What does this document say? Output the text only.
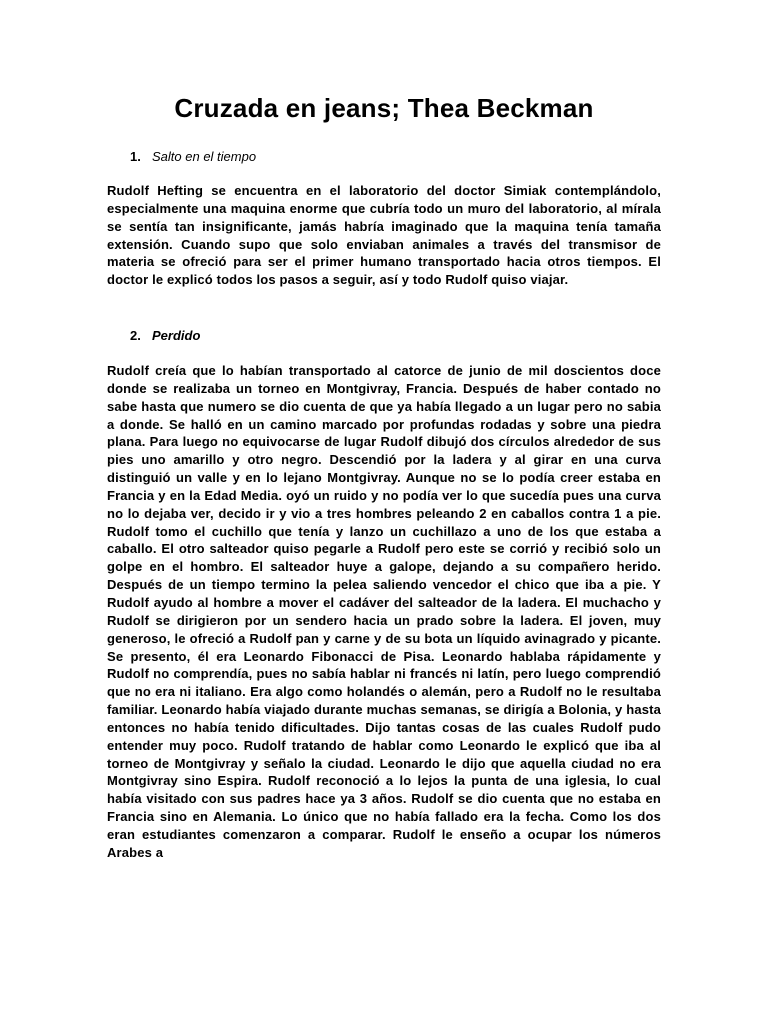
Cruzada en jeans; Thea Beckman
1. Salto en el tiempo

Rudolf Hefting se encuentra en el laboratorio del doctor Simiak contemplándolo, especialmente una maquina enorme que cubría todo un muro del laboratorio, al mírala se sentía tan insignificante, jamás habría imaginado que la maquina tenía tamaña extensión. Cuando supo que solo enviaban animales a través del transmisor de materia se ofreció para ser el primer humano transportado hacia otros tiempos. El doctor le explicó todos los pasos a seguir, así y todo Rudolf quiso viajar.

2. Perdido

Rudolf creía que lo habían transportado al catorce de junio de mil doscientos doce donde se realizaba un torneo en Montgivray, Francia. Después de haber contado no sabe hasta que numero se dio cuenta de que ya había llegado a un lugar pero no sabia a donde. Se halló en un camino marcado por profundas rodadas y sobre una piedra plana. Para luego no equivocarse de lugar Rudolf dibujó dos círculos alrededor de sus pies uno amarillo y otro negro. Descendió por la ladera y al girar en una curva distinguió un valle y en lo lejano Montgivray. Aunque no se lo podía creer estaba en Francia y en la Edad Media. oyó un ruido y no podía ver lo que sucedía pues una curva no lo dejaba ver, decido ir y vio a tres hombres peleando 2 en caballos contra 1 a pie. Rudolf tomo el cuchillo que tenía y lanzo un cuchillazo a uno de los que estaba a caballo. El otro salteador quiso pegarle a Rudolf pero este se corrió y recibió solo un golpe en el hombro. El salteador huye a galope, dejando a su compañero herido. Después de un tiempo termino la pelea saliendo vencedor el chico que iba a pie. Y Rudolf ayudo al hombre a mover el cadáver del salteador de la ladera. El muchacho y Rudolf se dirigieron por un sendero hacia un prado sobre la ladera. El joven, muy generoso, le ofreció a Rudolf pan y carne y de su bota un líquido avinagrado y picante. Se presento, él era Leonardo Fibonacci de Pisa. Leonardo hablaba rápidamente y Rudolf no comprendía, pues no sabía hablar ni francés ni latín, pero luego comprendió que no era ni italiano. Era algo como holandés o alemán, pero a Rudolf no le resultaba familiar. Leonardo había viajado durante muchas semanas, se dirigía a Bolonia, y hasta entonces no había tenido dificultades. Dijo tantas cosas de las cuales Rudolf pudo entender muy poco. Rudolf tratando de hablar como Leonardo le explicó que iba al torneo de Montgivray y señalo la ciudad. Leonardo le dijo que aquella ciudad no era Montgivray sino Espira. Rudolf reconoció a lo lejos la punta de una iglesia, lo cual había visitado con sus padres hace ya 3 años. Rudolf se dio cuenta que no estaba en Francia sino en Alemania. Lo único que no había fallado era la fecha. Como los dos eran estudiantes comenzaron a comparar. Rudolf le enseño a ocupar los números Arabes a
